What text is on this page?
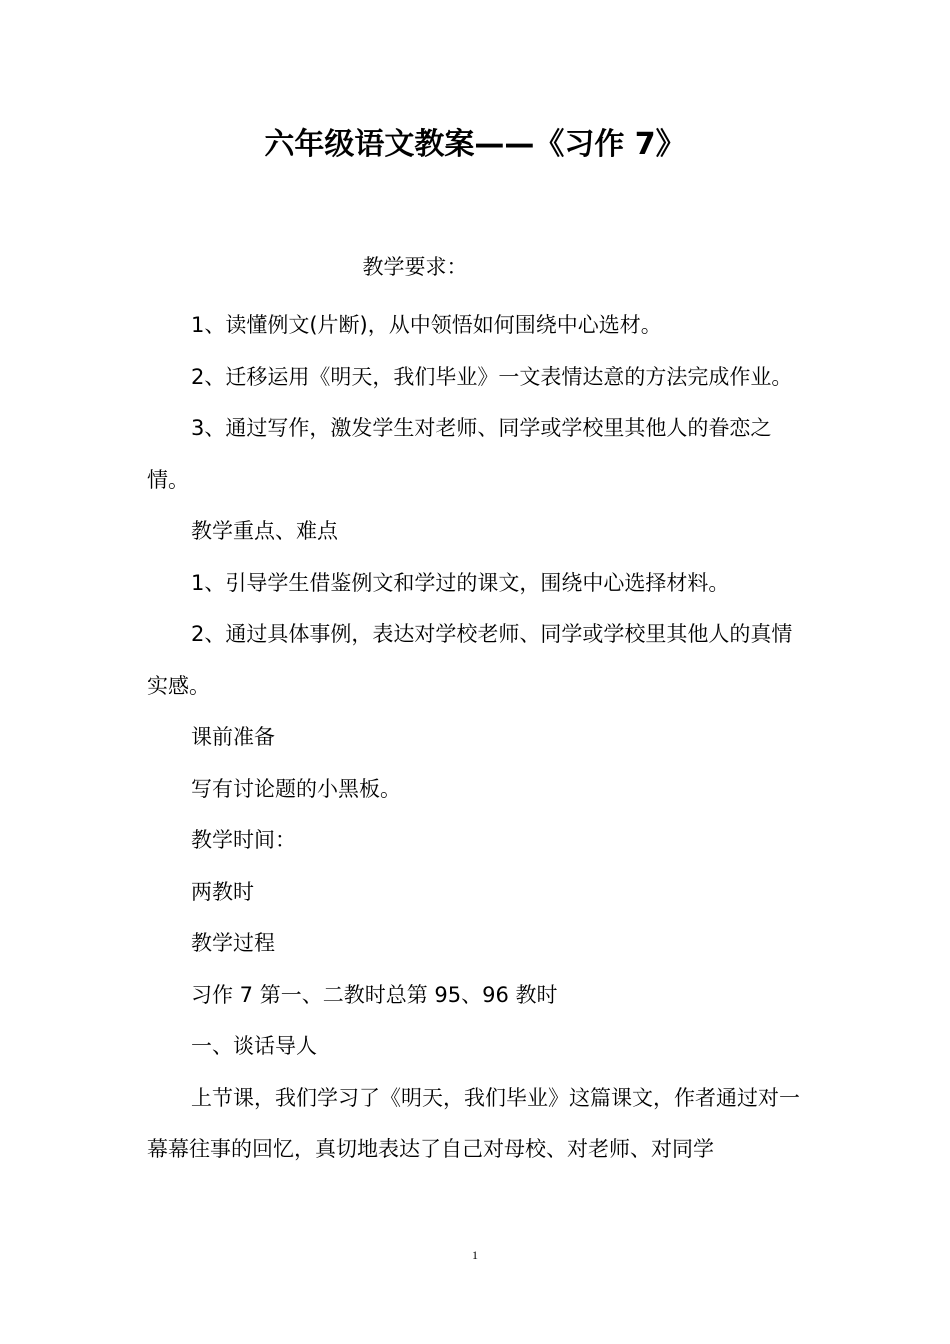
六年级语文教案——《习作 7》

教学要求：

1、读懂例文(片断)，从中领悟如何围绕中心选材。

2、迁移运用《明天，我们毕业》一文表情达意的方法完成作业。

3、通过写作，激发学生对老师、同学或学校里其他人的眷恋之情。

教学重点、难点

1、引导学生借鉴例文和学过的课文，围绕中心选择材料。

2、通过具体事例，表达对学校老师、同学或学校里其他人的真情实感。

课前准备

写有讨论题的小黑板。

教学时间：

两教时

教学过程

习作 7 第一、二教时总第 95、96 教时

一、谈话导人

上节课，我们学习了《明天，我们毕业》这篇课文，作者通过对一幕幕往事的回忆，真切地表达了自己对母校、对老师、对同学

1
